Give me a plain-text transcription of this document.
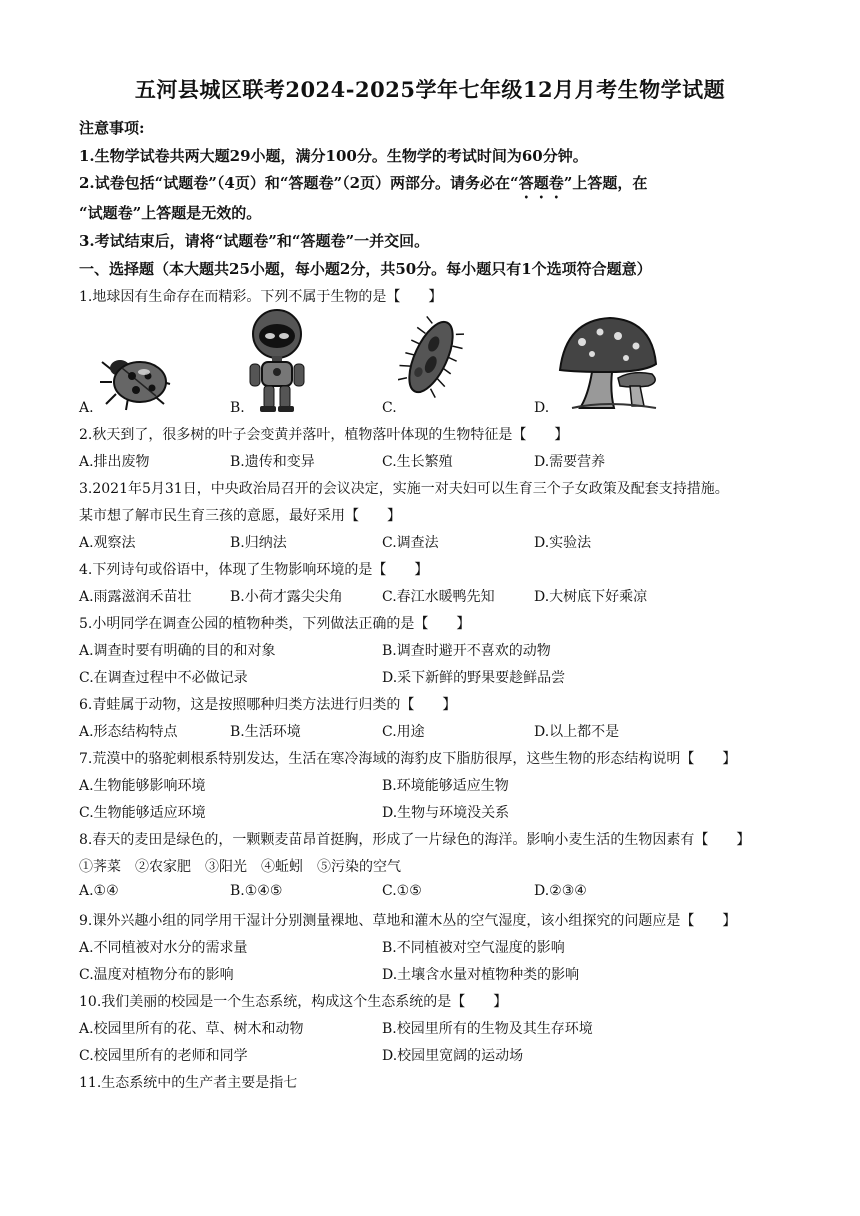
五河县城区联考2024-2025学年七年级12月月考生物学试题
注意事项:
1.生物学试卷共两大题29小题，满分100分。生物学的考试时间为60分钟。
2.试卷包括“试题卷”（4页）和“答题卷”（2页）两部分。请务必在“答题卷”上答题，在
“试题卷”上答题是无效的。
3.考试结束后，请将“试题卷”和“答题卷”一并交回。
一、选择题（本大题共25小题，每小题2分，共50分。每小题只有1个选项符合题意）
1.地球因有生命存在而精彩。下列不属于生物的是【　　】
A.	B.	C.	D.
2.秋天到了，很多树的叶子会变黄并落叶，植物落叶体现的生物特征是【　　】
A.排出废物	B.遗传和变异	C.生长繁殖	D.需要营养
3.2021年5月31日，中央政治局召开的会议决定，实施一对夫妇可以生育三个子女政策及配套支持措施。
某市想了解市民生育三孩的意愿，最好采用【　　】
A.观察法	B.归纳法	C.调查法	D.实验法
4.下列诗句或俗语中，体现了生物影响环境的是【　　】
A.雨露滋润禾苗壮	B.小荷才露尖尖角	C.春江水暖鸭先知	D.大树底下好乘凉
5.小明同学在调查公园的植物种类，下列做法正确的是【　　】
A.调查时要有明确的目的和对象	B.调查时避开不喜欢的动物
C.在调查过程中不必做记录	D.采下新鲜的野果要趁鲜品尝
6.青蛙属于动物，这是按照哪种归类方法进行归类的【　　】
A.形态结构特点	B.生活环境	C.用途	D.以上都不是
7.荒漠中的骆驼刺根系特别发达，生活在寒冷海域的海豹皮下脂肪很厚，这些生物的形态结构说明【　　】
A.生物能够影响环境	B.环境能够适应生物
C.生物能够适应环境	D.生物与环境没关系
8.春天的麦田是绿色的，一颗颗麦苗昂首挺胸，形成了一片绿色的海洋。影响小麦生活的生物因素有【　　】
①荠菜　②农家肥　③阳光　④蚯蚓　⑤污染的空气
A.①④	B.①④⑤	C.①⑤	D.②③④
9.课外兴趣小组的同学用干湿计分别测量裸地、草地和灌木丛的空气湿度，该小组探究的问题应是【　　】
A.不同植被对水分的需求量	B.不同植被对空气湿度的影响
C.温度对植物分布的影响	D.土壤含水量对植物种类的影响
10.我们美丽的校园是一个生态系统，构成这个生态系统的是【　　】
A.校园里所有的花、草、树木和动物	B.校园里所有的生物及其生存环境
C.校园里所有的老师和同学	D.校园里宽阔的运动场
11.生态系统中的生产者主要是指七
